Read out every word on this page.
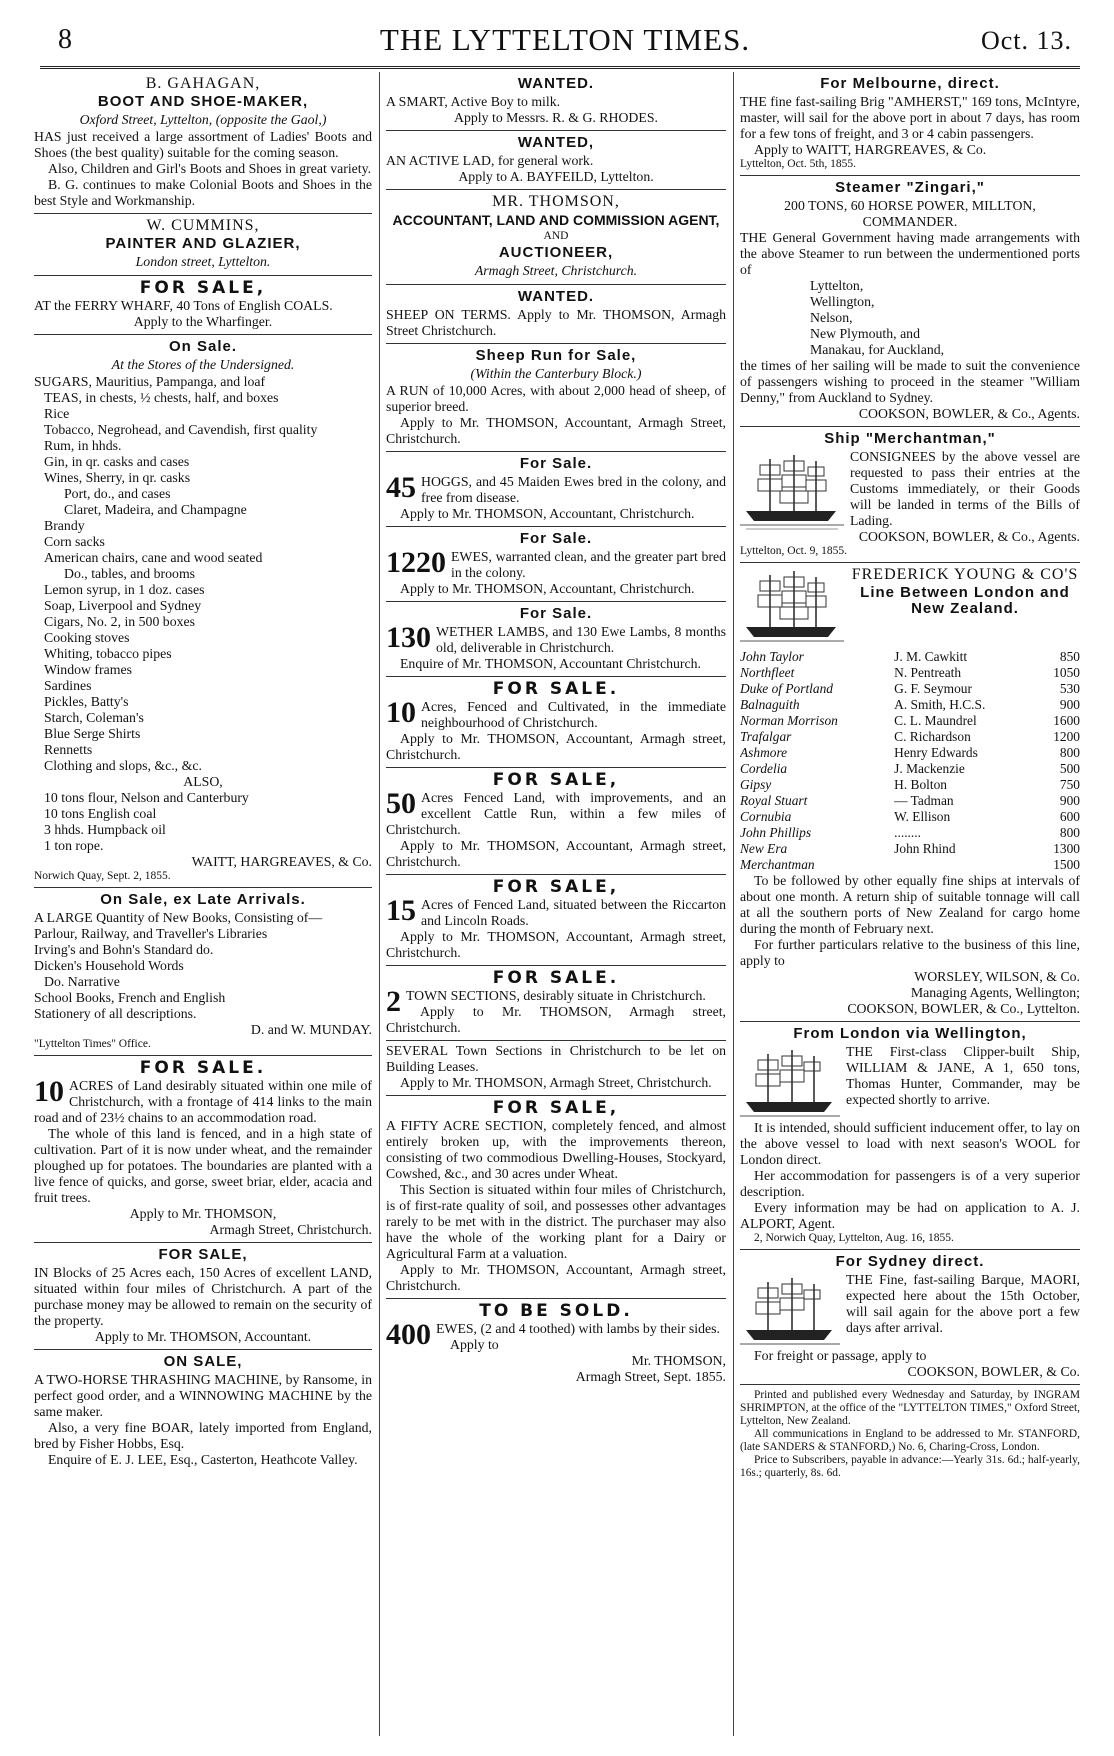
8	THE LYTTELTON TIMES.	Oct. 13.
B. GAHAGAN,
BOOT AND SHOE-MAKER,
Oxford Street, Lyttelton, (opposite the Gaol,)

HAS just received a large assortment of Ladies' Boots and Shoes (the best quality) suitable for the coming season.

Also, Children and Girl's Boots and Shoes in great variety.

B. G. continues to make Colonial Boots and Shoes in the best Style and Workmanship.

W. CUMMINS,
PAINTER AND GLAZIER,
London street, Lyttelton.
FOR SALE,

AT the FERRY WHARF, 40 Tons of English COALS.

Apply to the Wharfinger.

On Sale.
At the Stores of the Undersigned.
SUGARS, Mauritius, Pampanga, and loaf
TEAS, in chests, ½ chests, half, and boxes
Rice
Tobacco, Negrohead, and Cavendish, first quality
Rum, in hhds.
Gin, in qr. casks and cases
Wines, Sherry, in qr. casks
Port, do., and cases
Claret, Madeira, and Champagne
Brandy
Corn sacks
American chairs, cane and wood seated
Do., tables, and brooms
Lemon syrup, in 1 doz. cases
Soap, Liverpool and Sydney
Cigars, No. 2, in 500 boxes
Cooking stoves
Whiting, tobacco pipes
Window frames
Sardines
Pickles, Batty's
Starch, Coleman's
Blue Serge Shirts
Rennetts
Clothing and slops, &c., &c.

ALSO,

10 tons flour, Nelson and Canterbury
10 tons English coal
3 hhds. Humpback oil
1 ton rope.

WAITT, HARGREAVES, & Co.

Norwich Quay, Sept. 2, 1855.

On Sale, ex Late Arrivals.

A LARGE Quantity of New Books, Consisting of—

Parlour, Railway, and Traveller's Libraries
Irving's and Bohn's Standard do.
Dicken's Household Words
Do. Narrative
School Books, French and English
Stationery of all descriptions.

D. and W. MUNDAY.

"Lyttelton Times" Office.

FOR SALE.

10 ACRES of Land desirably situated within one mile of Christchurch, with a frontage of 414 links to the main road and of 23½ chains to an accommodation road.

The whole of this land is fenced, and in a high state of cultivation. Part of it is now under wheat, and the remainder ploughed up for potatoes. The boundaries are planted with a live fence of quicks, and gorse, sweet briar, elder, acacia and fruit trees.

Apply to Mr. THOMSON,

Armagh Street, Christchurch.

FOR SALE,

IN Blocks of 25 Acres each, 150 Acres of excellent LAND, situated within four miles of Christchurch. A part of the purchase money may be allowed to remain on the security of the property.

Apply to Mr. THOMSON, Accountant.

ON SALE,

A TWO-HORSE THRASHING MACHINE, by Ransome, in perfect good order, and a WINNOWING MACHINE by the same maker.

Also, a very fine BOAR, lately imported from England, bred by Fisher Hobbs, Esq.

Enquire of E. J. LEE, Esq., Casterton, Heathcote Valley.

WANTED.

A SMART, Active Boy to milk.

Apply to Messrs. R. & G. RHODES.

WANTED,

AN ACTIVE LAD, for general work.

Apply to A. BAYFEILD, Lyttelton.

MR. THOMSON,
ACCOUNTANT, LAND AND COMMISSION AGENT,
AND
AUCTIONEER,
Armagh Street, Christchurch.
WANTED.

SHEEP ON TERMS. Apply to Mr. THOMSON, Armagh Street Christchurch.

Sheep Run for Sale,
(Within the Canterbury Block.)

A RUN of 10,000 Acres, with about 2,000 head of sheep, of superior breed.

Apply to Mr. THOMSON, Accountant, Armagh Street, Christchurch.

For Sale.

45 HOGGS, and 45 Maiden Ewes bred in the colony, and free from disease.

Apply to Mr. THOMSON, Accountant, Christchurch.

For Sale.

1220 EWES, warranted clean, and the greater part bred in the colony.

Apply to Mr. THOMSON, Accountant, Christchurch.

For Sale.

130 WETHER LAMBS, and 130 Ewe Lambs, 8 months old, deliverable in Christchurch.

Enquire of Mr. THOMSON, Accountant Christchurch.

FOR SALE.

10 Acres, Fenced and Cultivated, in the immediate neighbourhood of Christchurch.

Apply to Mr. THOMSON, Accountant, Armagh street, Christchurch.

FOR SALE,

50 Acres Fenced Land, with improvements, and an excellent Cattle Run, within a few miles of Christchurch.

Apply to Mr. THOMSON, Accountant, Armagh street, Christchurch.

FOR SALE,

15 Acres of Fenced Land, situated between the Riccarton and Lincoln Roads.

Apply to Mr. THOMSON, Accountant, Armagh street, Christchurch.

FOR SALE.

2 TOWN SECTIONS, desirably situate in Christchurch.

Apply to Mr. THOMSON, Armagh street, Christchurch.

SEVERAL Town Sections in Christchurch to be let on Building Leases.

Apply to Mr. THOMSON, Armagh Street, Christchurch.

FOR SALE,

A FIFTY ACRE SECTION, completely fenced, and almost entirely broken up, with the improvements thereon, consisting of two commodious Dwelling-Houses, Stockyard, Cowshed, &c., and 30 acres under Wheat.

This Section is situated within four miles of Christchurch, is of first-rate quality of soil, and possesses other advantages rarely to be met with in the district. The purchaser may also have the whole of the working plant for a Dairy or Agricultural Farm at a valuation.

Apply to Mr. THOMSON, Accountant, Armagh street, Christchurch.

TO BE SOLD.

400 EWES, (2 and 4 toothed) with lambs by their sides.

Apply to

Mr. THOMSON,

Armagh Street, Sept. 1855.

For Melbourne, direct.

THE fine fast-sailing Brig "AMHERST," 169 tons, McIntyre, master, will sail for the above port in about 7 days, has room for a few tons of freight, and 3 or 4 cabin passengers.

Apply to WAITT, HARGREAVES, & Co.

Lyttelton, Oct. 5th, 1855.

Steamer "Zingari,"
200 TONS, 60 HORSE POWER, MILLTON, COMMANDER.

THE General Government having made arrangements with the above Steamer to run between the undermentioned ports of

Lyttelton,
Wellington,
Nelson,
New Plymouth, and
Manakau, for Auckland,

the times of her sailing will be made to suit the convenience of passengers wishing to proceed in the steamer "William Denny," from Auckland to Sydney.

COOKSON, BOWLER, & Co., Agents.

Ship "Merchantman,"

CONSIGNEES by the above vessel are requested to pass their entries at the Customs immediately, or their Goods will be landed in terms of the Bills of Lading.

COOKSON, BOWLER, & Co., Agents.

Lyttelton, Oct. 9, 1855.

FREDERICK YOUNG & CO'S
Line Between London and New Zealand.
John Taylor	J. M. Cawkitt	850
Northfleet	N. Pentreath	1050
Duke of Portland	G. F. Seymour	530
Balnaguith	A. Smith, H.C.S.	900
Norman Morrison	C. L. Maundrel	1600
Trafalgar	C. Richardson	1200
Ashmore	Henry Edwards	800
Cordelia	J. Mackenzie	500
Gipsy	H. Bolton	750
Royal Stuart	— Tadman	900
Cornubia	W. Ellison	600
John Phillips	........	800
New Era	John Rhind	1300
Merchantman		1500

To be followed by other equally fine ships at intervals of about one month. A return ship of suitable tonnage will call at all the southern ports of New Zealand for cargo home during the month of February next.

For further particulars relative to the business of this line, apply to

WORSLEY, WILSON, & Co.

Managing Agents, Wellington;

COOKSON, BOWLER, & Co., Lyttelton.

From London via Wellington,

THE First-class Clipper-built Ship, WILLIAM & JANE, A 1, 650 tons, Thomas Hunter, Commander, may be expected shortly to arrive.

It is intended, should sufficient inducement offer, to lay on the above vessel to load with next season's WOOL for London direct.

Her accommodation for passengers is of a very superior description.

Every information may be had on application to A. J. ALPORT, Agent.

2, Norwich Quay, Lyttelton, Aug. 16, 1855.

For Sydney direct.

THE Fine, fast-sailing Barque, MAORI, expected here about the 15th October, will sail again for the above port a few days after arrival.

For freight or passage, apply to

COOKSON, BOWLER, & Co.

Printed and published every Wednesday and Saturday, by INGRAM SHRIMPTON, at the office of the "LYTTELTON TIMES," Oxford Street, Lyttelton, New Zealand.

All communications in England to be addressed to Mr. STANFORD, (late SANDERS & STANFORD,) No. 6, Charing-Cross, London.

Price to Subscribers, payable in advance:—Yearly 31s. 6d.; half-yearly, 16s.; quarterly, 8s. 6d.
